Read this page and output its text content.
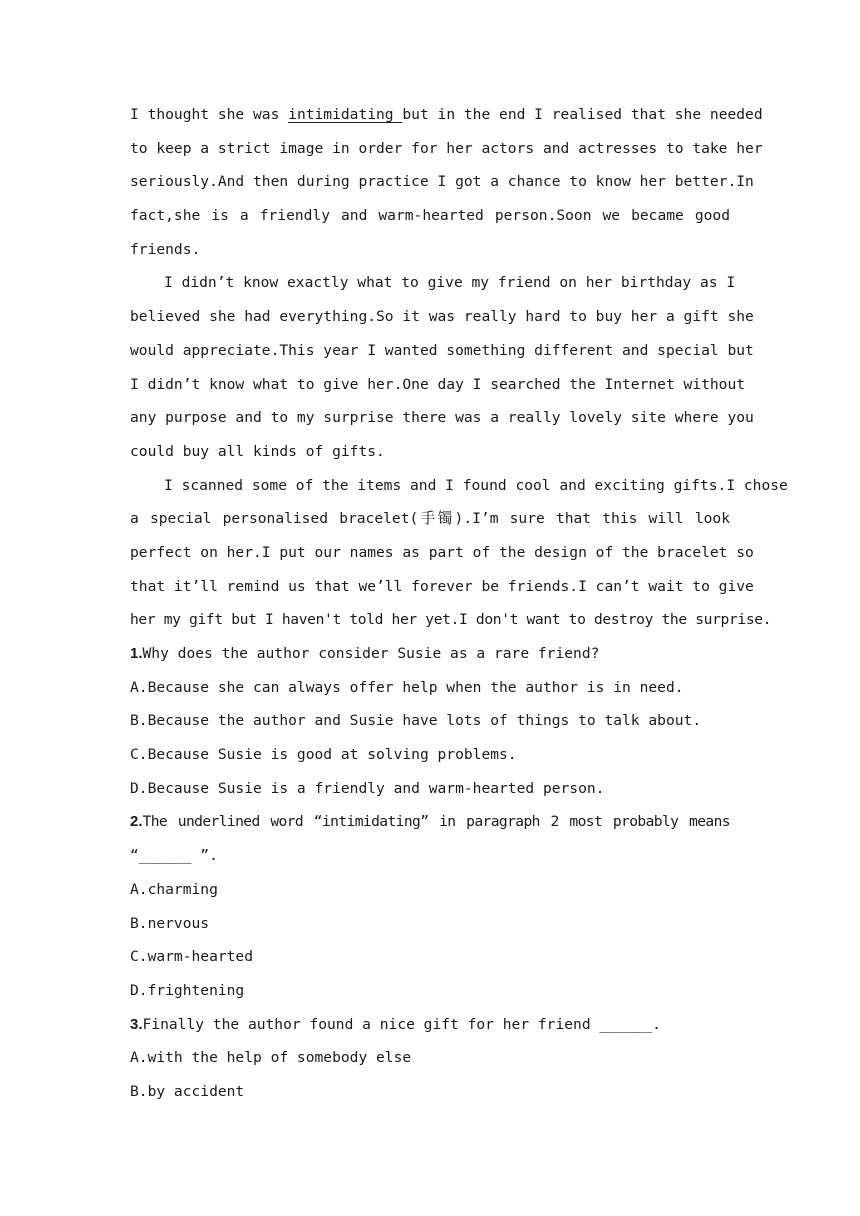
I thought she was intimidating but in the end I realised that she needed
to keep a strict image in order for her actors and actresses to take her
seriously.And then during practice I got a chance to know her better.In
fact,she is a friendly and warm-hearted person.Soon we became good
friends.
I didn’t know exactly what to give my friend on her birthday as I
believed she had everything.So it was really hard to buy her a gift she
would appreciate.This year I wanted something different and special but
I didn’t know what to give her.One day I searched the Internet without
any purpose and to my surprise there was a really lovely site where you
could buy all kinds of gifts.
I scanned some of the items and I found cool and exciting gifts.I chose
a special personalised bracelet(手镯).I’m sure that this will look
perfect on her.I put our names as part of the design of the bracelet so
that it’ll remind us that we’ll forever be friends.I can’t wait to give
her my gift but I haven't told her yet.I don't want to destroy the surprise.
1.Why does the author consider Susie as a rare friend?
A.Because she can always offer help when the author is in need.
B.Because the author and Susie have lots of things to talk about.
C.Because Susie is good at solving problems.
D.Because Susie is a friendly and warm-hearted person.
2.The underlined word “intimidating” in paragraph 2 most probably means
“______ ”.
A.charming
B.nervous
C.warm-hearted
D.frightening
3.Finally the author found a nice gift for her friend ______.
A.with the help of somebody else
B.by accident
